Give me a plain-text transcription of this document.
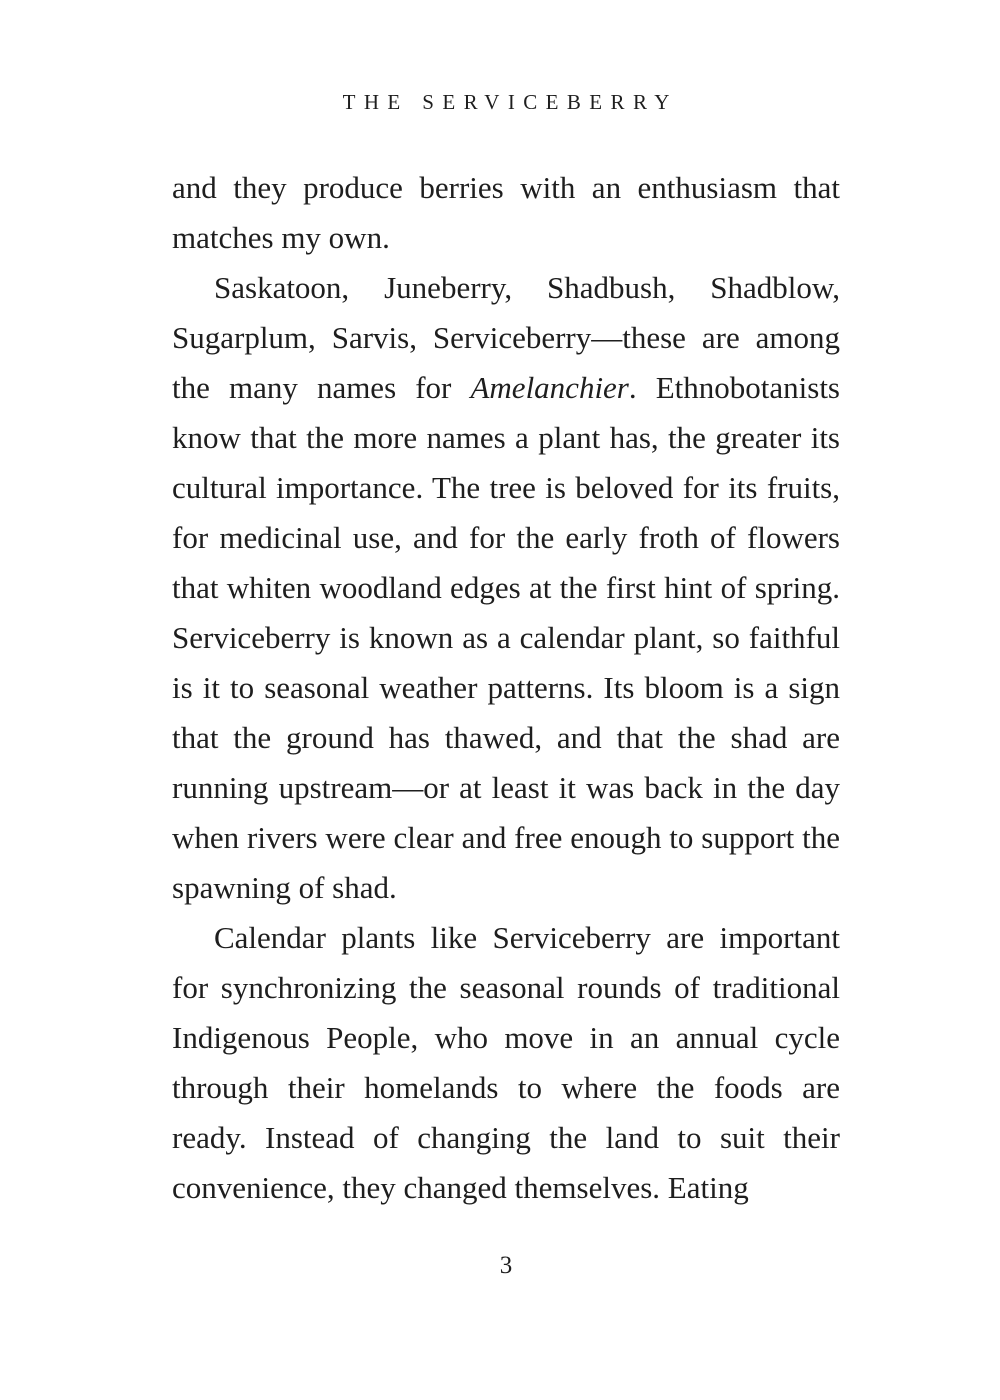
THE SERVICEBERRY

and they produce berries with an enthusiasm that matches my own.

Saskatoon, Juneberry, Shadbush, Shadblow, Sugarplum, Sarvis, Serviceberry—these are among the many names for Amelanchier. Ethnobotanists know that the more names a plant has, the greater its cultural importance. The tree is beloved for its fruits, for medicinal use, and for the early froth of flowers that whiten woodland edges at the first hint of spring. Serviceberry is known as a calendar plant, so faithful is it to seasonal weather patterns. Its bloom is a sign that the ground has thawed, and that the shad are running upstream—or at least it was back in the day when rivers were clear and free enough to support the spawning of shad.

Calendar plants like Serviceberry are important for synchronizing the seasonal rounds of traditional Indigenous People, who move in an annual cycle through their homelands to where the foods are ready. Instead of changing the land to suit their convenience, they changed themselves. Eating

3
